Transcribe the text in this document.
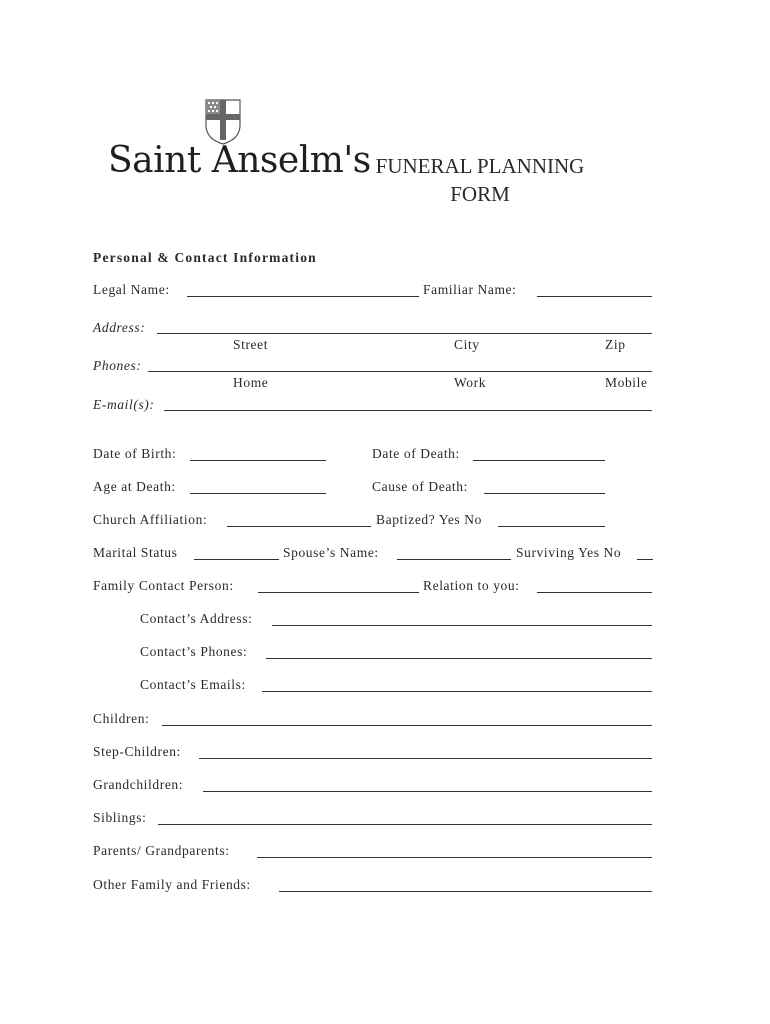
Saint Anselm's FUNERAL PLANNING
FORM
Personal & Contact Information
Legal Name:	Familiar Name:
Address:
Street	City	Zip
Phones:
Home	Work	Mobile
E-mail(s):
Date of Birth:	Date of Death:
Age at Death:	Cause of Death:
Church Affiliation:	Baptized? Yes No
Marital Status	Spouse’s Name:	Surviving Yes No
Family Contact Person:	Relation to you:
Contact’s Address:
Contact’s Phones:
Contact’s Emails:
Children:
Step-Children:
Grandchildren:
Siblings:
Parents/ Grandparents:
Other Family and Friends:
